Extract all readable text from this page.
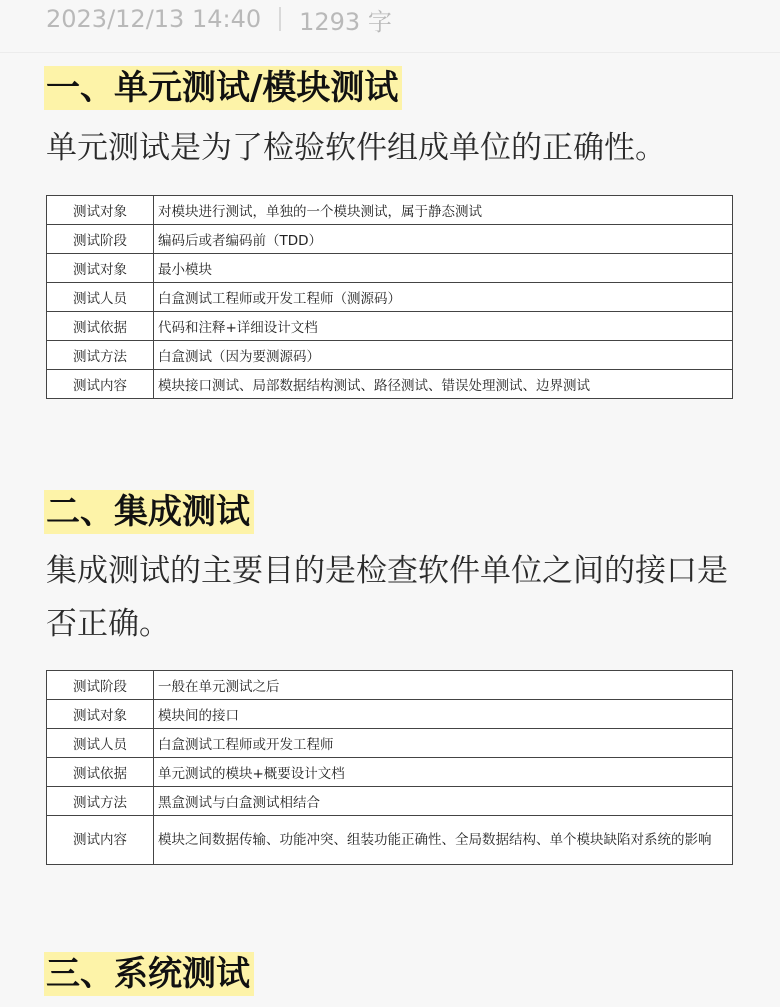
2023/12/13 14:40 1293 字
一、单元测试/模块测试
单元测试是为了检验软件组成单位的正确性。
测试对象	对模块进行测试，单独的一个模块测试，属于静态测试
测试阶段	编码后或者编码前（TDD）
测试对象	最小模块
测试人员	白盒测试工程师或开发工程师（测源码）
测试依据	代码和注释+详细设计文档
测试方法	白盒测试（因为要测源码）
测试内容	模块接口测试、局部数据结构测试、路径测试、错误处理测试、边界测试
二、集成测试
集成测试的主要目的是检查软件单位之间的接口是否正确。
测试阶段	一般在单元测试之后
测试对象	模块间的接口
测试人员	白盒测试工程师或开发工程师
测试依据	单元测试的模块+概要设计文档
测试方法	黑盒测试与白盒测试相结合
测试内容	模块之间数据传输、功能冲突、组装功能正确性、全局数据结构、单个模块缺陷对系统的影响
三、系统测试
